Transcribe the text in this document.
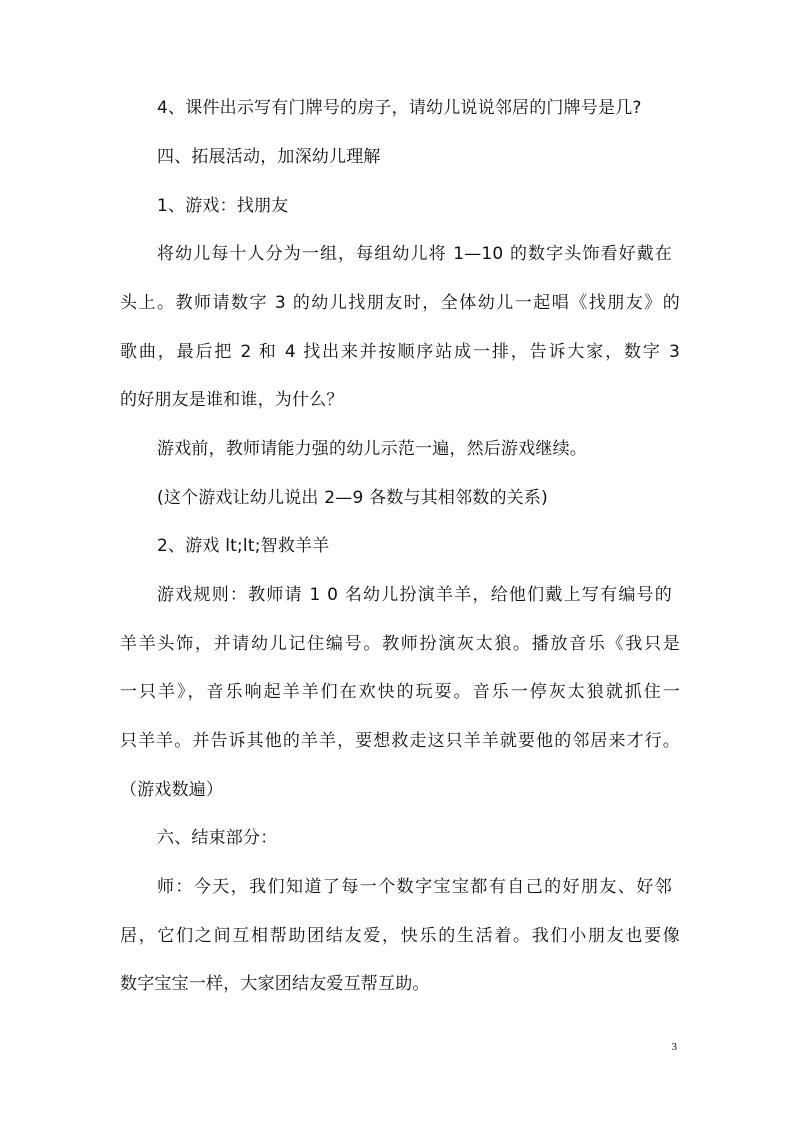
4、课件出示写有门牌号的房子，请幼儿说说邻居的门牌号是几?
四、拓展活动，加深幼儿理解
1、游戏：找朋友
将幼儿每十人分为一组，每组幼儿将 1—10 的数字头饰看好戴在
头上。教师请数字 3 的幼儿找朋友时，全体幼儿一起唱《找朋友》的
歌曲，最后把 2 和 4 找出来并按顺序站成一排，告诉大家，数字 3
的好朋友是谁和谁，为什么？
游戏前，教师请能力强的幼儿示范一遍，然后游戏继续。
(这个游戏让幼儿说出 2—9 各数与其相邻数的关系)
2、游戏 lt;lt;智救羊羊
游戏规则：教师请 1 0 名幼儿扮演羊羊，给他们戴上写有编号的
羊羊头饰，并请幼儿记住编号。教师扮演灰太狼。播放音乐《我只是
一只羊》，音乐响起羊羊们在欢快的玩耍。音乐一停灰太狼就抓住一
只羊羊。并告诉其他的羊羊，要想救走这只羊羊就要他的邻居来才行。
（游戏数遍）
六、结束部分：
师：今天，我们知道了每一个数字宝宝都有自己的好朋友、好邻
居，它们之间互相帮助团结友爱，快乐的生活着。我们小朋友也要像
数字宝宝一样，大家团结友爱互帮互助。
3
